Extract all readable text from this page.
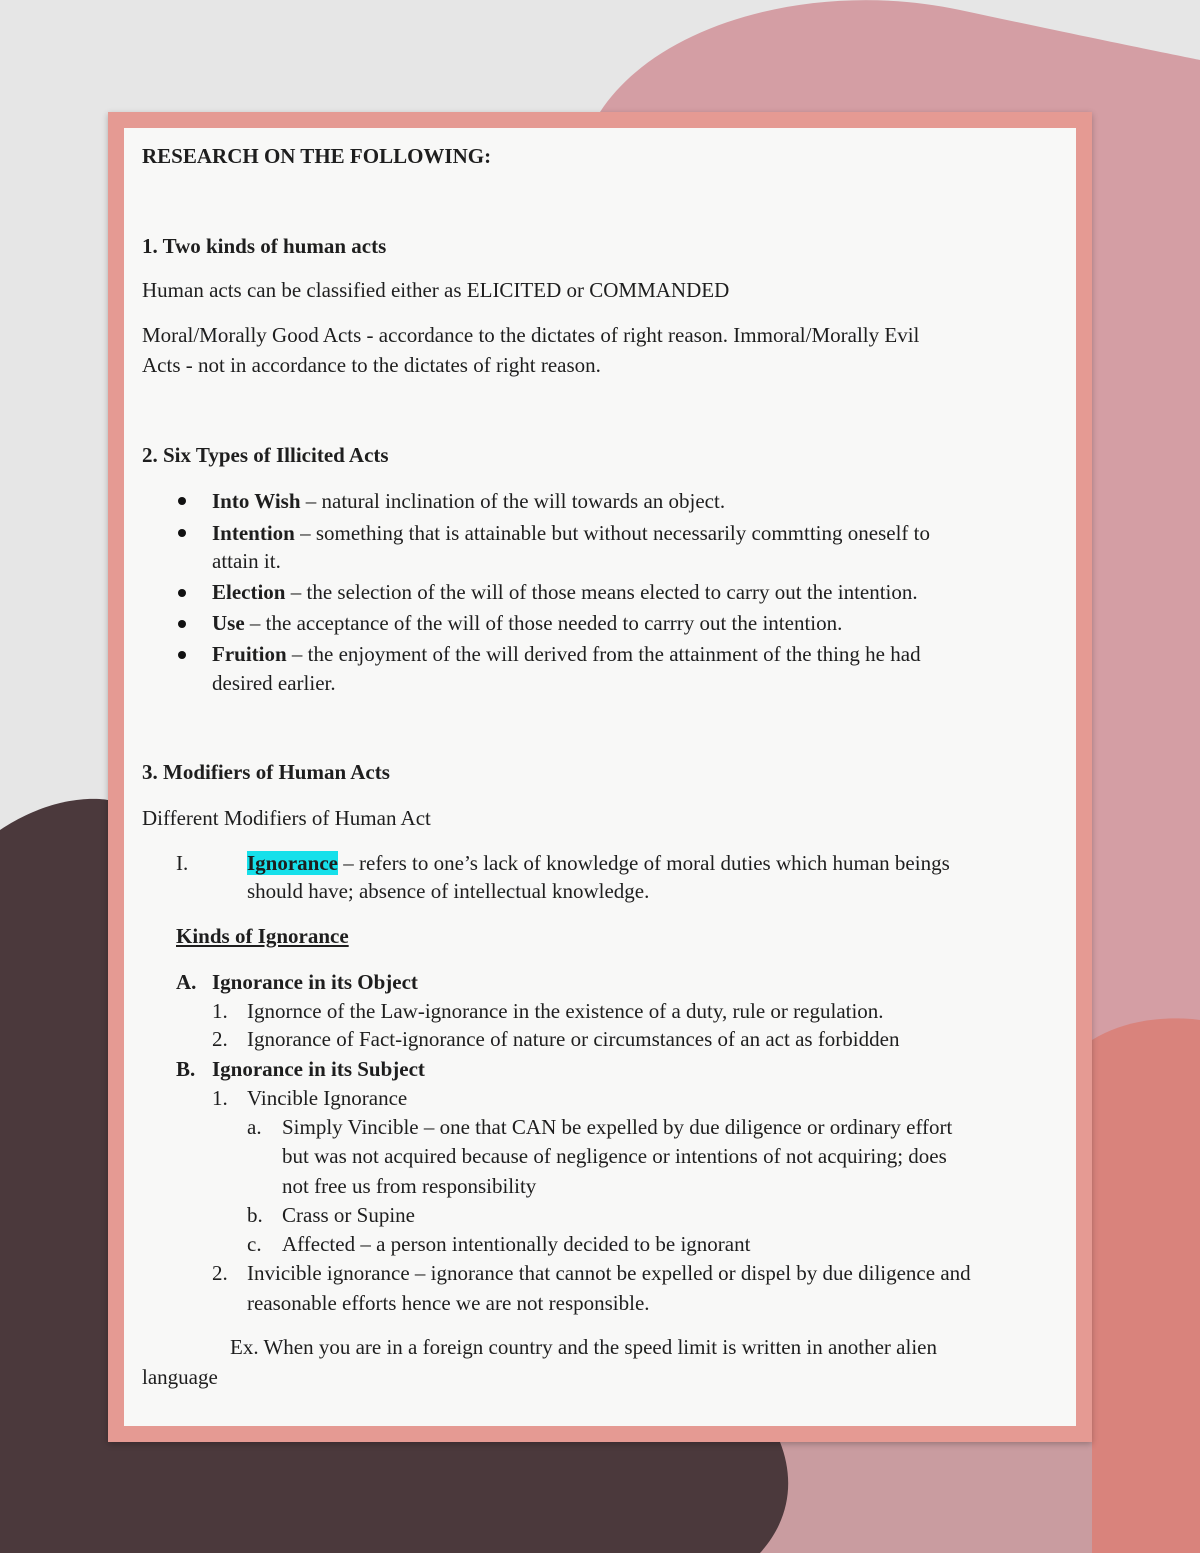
RESEARCH ON THE FOLLOWING:
1. Two kinds of human acts
Human acts can be classified either as ELICITED or COMMANDED
Moral/Morally Good Acts - accordance to the dictates of right reason. Immoral/Morally Evil
Acts - not in accordance to the dictates of right reason.
2. Six Types of Illicited Acts
Into Wish – natural inclination of the will towards an object.
Intention – something that is attainable but without necessarily commtting oneself to
attain it.
Election – the selection of the will of those means elected to carry out the intention.
Use – the acceptance of the will of those needed to carrry out the intention.
Fruition – the enjoyment of the will derived from the attainment of the thing he had
desired earlier.
3. Modifiers of Human Acts
Different Modifiers of Human Act
I.	Ignorance – refers to one’s lack of knowledge of moral duties which human beings
should have; absence of intellectual knowledge.
Kinds of Ignorance
A. Ignorance in its Object
1. Ignornce of the Law-ignorance in the existence of a duty, rule or regulation.
2. Ignorance of Fact-ignorance of nature or circumstances of an act as forbidden
B. Ignorance in its Subject
1. Vincible Ignorance
a. Simply Vincible – one that CAN be expelled by due diligence or ordinary effort
but was not acquired because of negligence or intentions of not acquiring; does
not free us from responsibility
b. Crass or Supine
c. Affected – a person intentionally decided to be ignorant
2. Invicible ignorance – ignorance that cannot be expelled or dispel by due diligence and
reasonable efforts hence we are not responsible.
Ex. When you are in a foreign country and the speed limit is written in another alien
language
